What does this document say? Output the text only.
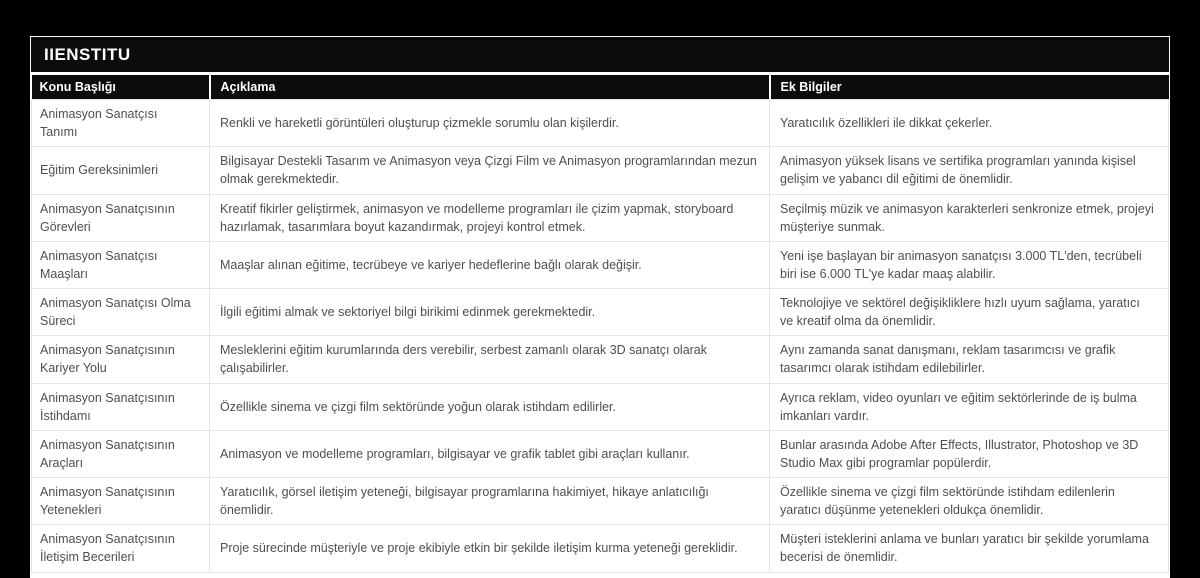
IIENSTITU
Konu Başlığı	Açıklama	Ek Bilgiler
Animasyon Sanatçısı Tanımı	Renkli ve hareketli görüntüleri oluşturup çizmekle sorumlu olan kişilerdir.	Yaratıcılık özellikleri ile dikkat çekerler.
Eğitim Gereksinimleri	Bilgisayar Destekli Tasarım ve Animasyon veya Çizgi Film ve Animasyon programlarından mezun olmak gerekmektedir.	Animasyon yüksek lisans ve sertifika programları yanında kişisel gelişim ve yabancı dil eğitimi de önemlidir.
Animasyon Sanatçısının Görevleri	Kreatif fikirler geliştirmek, animasyon ve modelleme programları ile çizim yapmak, storyboard hazırlamak, tasarımlara boyut kazandırmak, projeyi kontrol etmek.	Seçilmiş müzik ve animasyon karakterleri senkronize etmek, projeyi müşteriye sunmak.
Animasyon Sanatçısı Maaşları	Maaşlar alınan eğitime, tecrübeye ve kariyer hedeflerine bağlı olarak değişir.	Yeni işe başlayan bir animasyon sanatçısı 3.000 TL'den, tecrübeli biri ise 6.000 TL'ye kadar maaş alabilir.
Animasyon Sanatçısı Olma Süreci	İlgili eğitimi almak ve sektoriyel bilgi birikimi edinmek gerekmektedir.	Teknolojiye ve sektörel değişikliklere hızlı uyum sağlama, yaratıcı ve kreatif olma da önemlidir.
Animasyon Sanatçısının Kariyer Yolu	Mesleklerini eğitim kurumlarında ders verebilir, serbest zamanlı olarak 3D sanatçı olarak çalışabilirler.	Aynı zamanda sanat danışmanı, reklam tasarımcısı ve grafik tasarımcı olarak istihdam edilebilirler.
Animasyon Sanatçısının İstihdamı	Özellikle sinema ve çizgi film sektöründe yoğun olarak istihdam edilirler.	Ayrıca reklam, video oyunları ve eğitim sektörlerinde de iş bulma imkanları vardır.
Animasyon Sanatçısının Araçları	Animasyon ve modelleme programları, bilgisayar ve grafik tablet gibi araçları kullanır.	Bunlar arasında Adobe After Effects, Illustrator, Photoshop ve 3D Studio Max gibi programlar popülerdir.
Animasyon Sanatçısının Yetenekleri	Yaratıcılık, görsel iletişim yeteneği, bilgisayar programlarına hakimiyet, hikaye anlatıcılığı önemlidir.	Özellikle sinema ve çizgi film sektöründe istihdam edilenlerin yaratıcı düşünme yetenekleri oldukça önemlidir.
Animasyon Sanatçısının İletişim Becerileri	Proje sürecinde müşteriyle ve proje ekibiyle etkin bir şekilde iletişim kurma yeteneği gereklidir.	Müşteri isteklerini anlama ve bunları yaratıcı bir şekilde yorumlama becerisi de önemlidir.
